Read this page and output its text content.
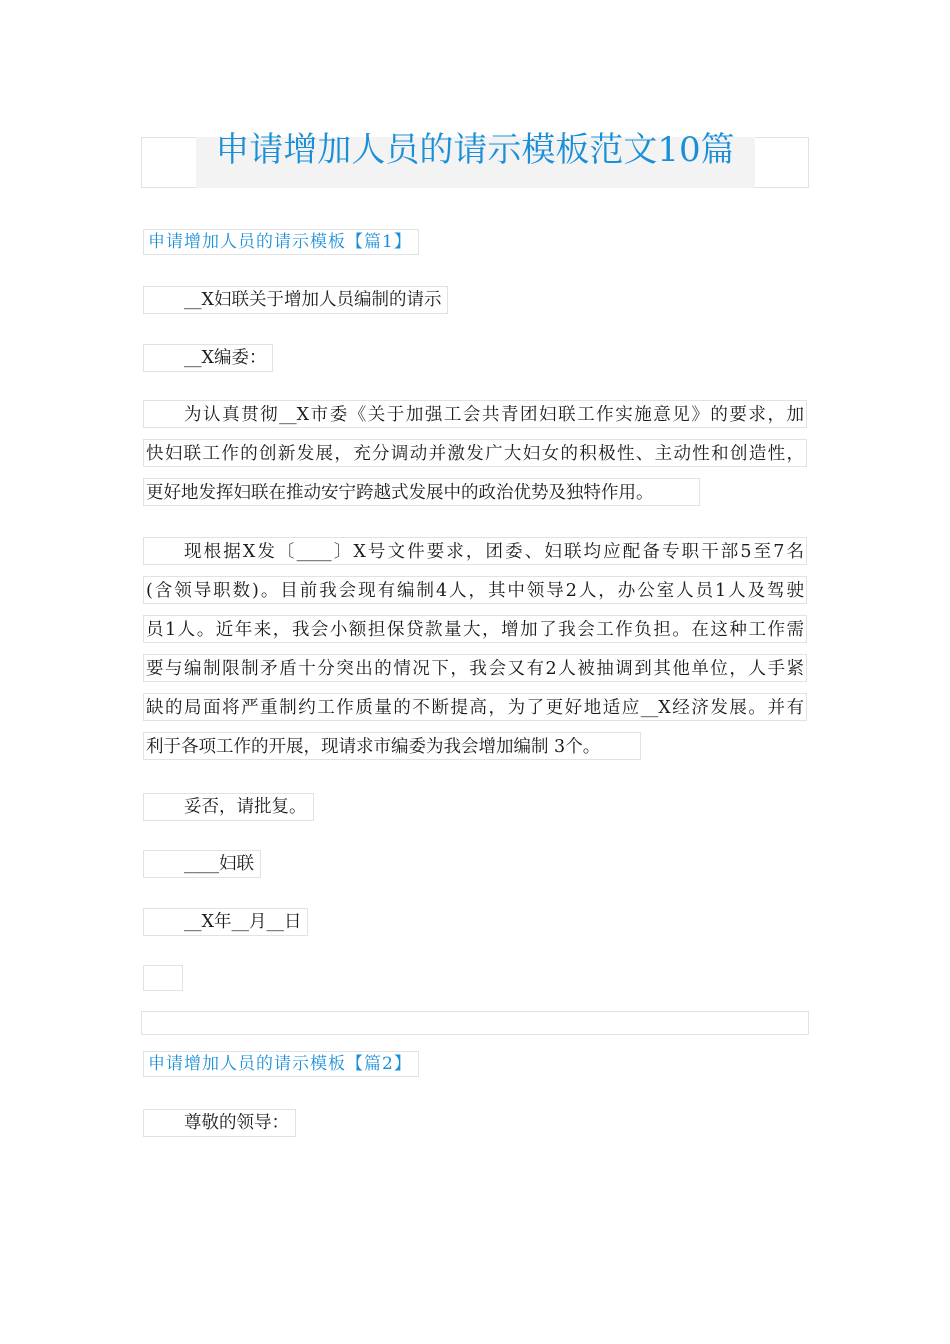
申请增加人员的请示模板范文10篇
申请增加人员的请示模板【篇1】
__X妇联关于增加人员编制的请示
__X编委：
为认真贯彻__X市委《关于加强工会共青团妇联工作实施意见》的要求，加
快妇联工作的创新发展，充分调动并激发广大妇女的积极性、主动性和创造性，
更好地发挥妇联在推动安宁跨越式发展中的政治优势及独特作用。
现根据X发〔____〕X号文件要求，团委、妇联均应配备专职干部5至7名
(含领导职数)。目前我会现有编制4人，其中领导2人，办公室人员1人及驾驶
员1人。近年来，我会小额担保贷款量大，增加了我会工作负担。在这种工作需
要与编制限制矛盾十分突出的情况下，我会又有2人被抽调到其他单位，人手紧
缺的局面将严重制约工作质量的不断提高，为了更好地适应__X经济发展。并有
利于各项工作的开展，现请求市编委为我会增加编制 3个。
妥否，请批复。
____妇联
__X年__月__日
申请增加人员的请示模板【篇2】
尊敬的领导：
